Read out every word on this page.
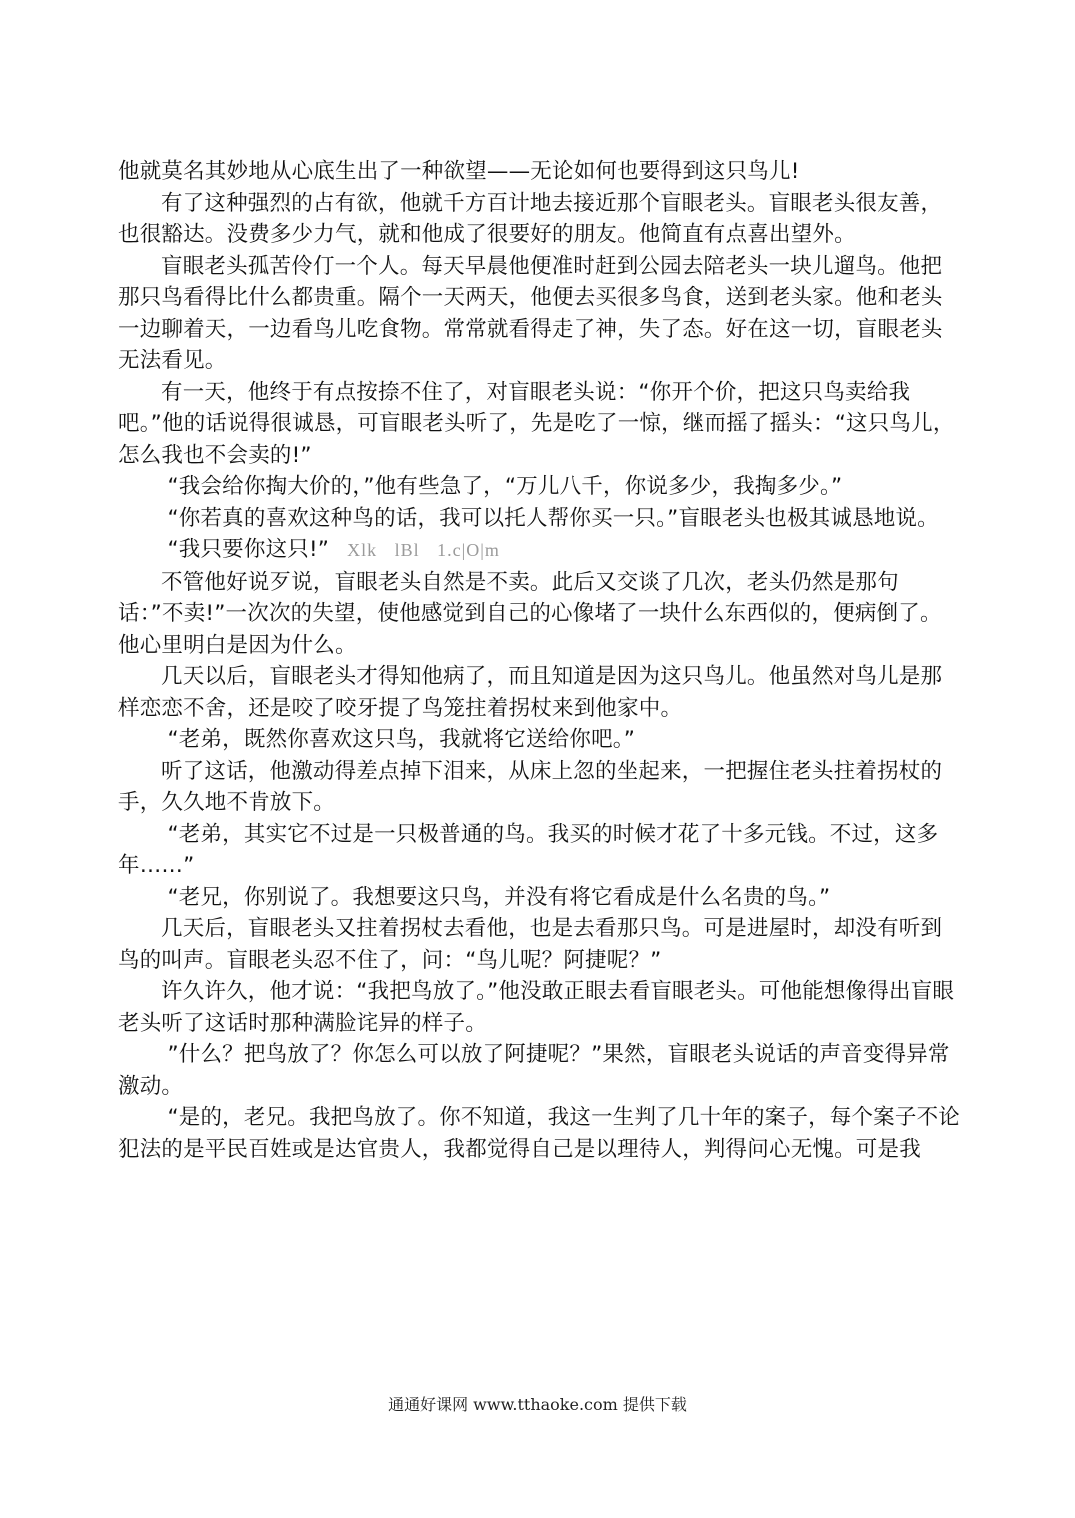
他就莫名其妙地从心底生出了一种欲望——无论如何也要得到这只鸟儿!

有了这种强烈的占有欲，他就千方百计地去接近那个盲眼老头。盲眼老头很友善，也很豁达。没费多少力气，就和他成了很要好的朋友。他简直有点喜出望外。

盲眼老头孤苦伶仃一个人。每天早晨他便准时赶到公园去陪老头一块儿遛鸟。他把那只鸟看得比什么都贵重。隔个一天两天，他便去买很多鸟食，送到老头家。他和老头一边聊着天，一边看鸟儿吃食物。常常就看得走了神，失了态。好在这一切，盲眼老头无法看见。

有一天，他终于有点按捺不住了，对盲眼老头说：“你开个价，把这只鸟卖给我吧。”他的话说得很诚恳，可盲眼老头听了，先是吃了一惊，继而摇了摇头：“这只鸟儿，怎么我也不会卖的!”

“我会给你掏大价的，”他有些急了，“万儿八千，你说多少，我掏多少。”

“你若真的喜欢这种鸟的话，我可以托人帮你买一只。”盲眼老头也极其诚恳地说。

“我只要你这只!” Xlk lBl 1.c|O|m

不管他好说歹说，盲眼老头自然是不卖。此后又交谈了几次，老头仍然是那句话：”不卖!”一次次的失望，使他感觉到自己的心像堵了一块什么东西似的，便病倒了。他心里明白是因为什么。

几天以后，盲眼老头才得知他病了，而且知道是因为这只鸟儿。他虽然对鸟儿是那样恋恋不舍，还是咬了咬牙提了鸟笼拄着拐杖来到他家中。

“老弟，既然你喜欢这只鸟，我就将它送给你吧。”

听了这话，他激动得差点掉下泪来，从床上忽的坐起来，一把握住老头拄着拐杖的手，久久地不肯放下。

“老弟，其实它不过是一只极普通的鸟。我买的时候才花了十多元钱。不过，这多年……”

“老兄，你别说了。我想要这只鸟，并没有将它看成是什么名贵的鸟。”

几天后，盲眼老头又拄着拐杖去看他，也是去看那只鸟。可是进屋时，却没有听到鸟的叫声。盲眼老头忍不住了，问：“鸟儿呢？阿捷呢？”

许久许久，他才说：“我把鸟放了。”他没敢正眼去看盲眼老头。可他能想像得出盲眼老头听了这话时那种满脸诧异的样子。

”什么？把鸟放了？你怎么可以放了阿捷呢？”果然，盲眼老头说话的声音变得异常激动。

“是的，老兄。我把鸟放了。你不知道，我这一生判了几十年的案子，每个案子不论犯法的是平民百姓或是达官贵人，我都觉得自己是以理待人，判得问心无愧。可是我

通通好课网 www.tthaoke.com 提供下载
